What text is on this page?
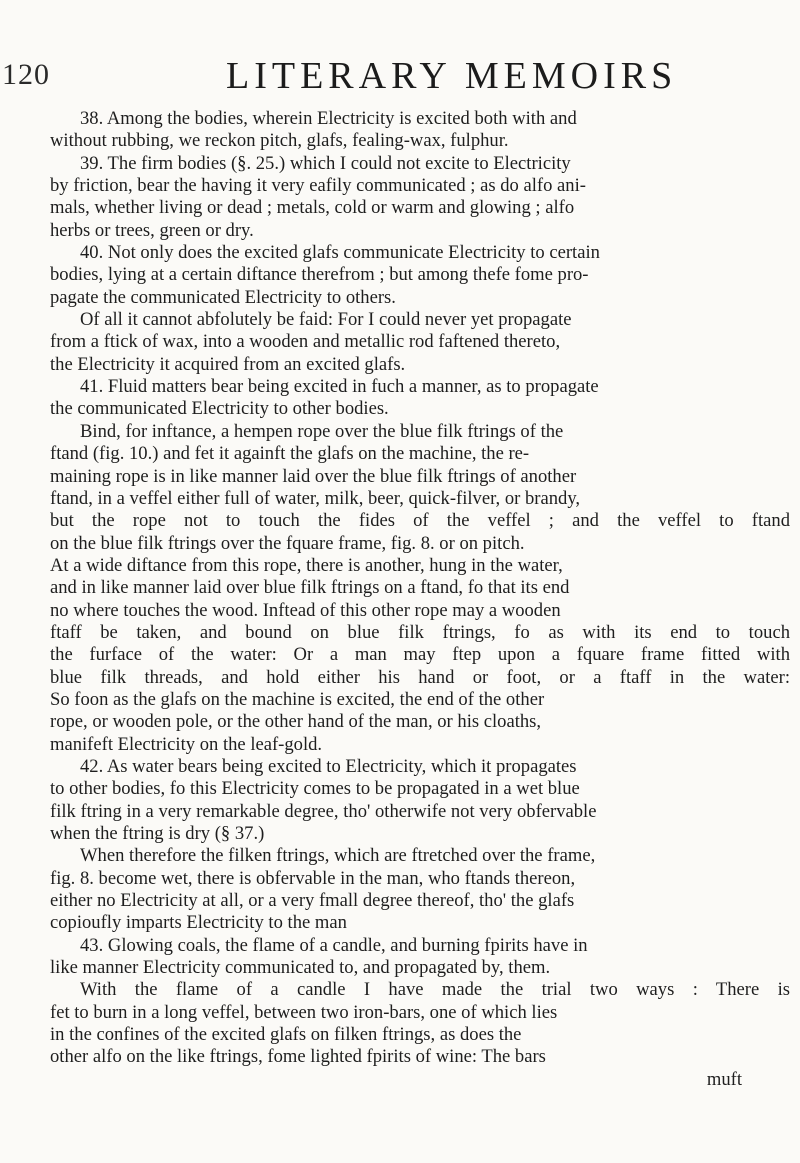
120	LITERARY MEMOIRS
38. Among the bodies, wherein Electricity is excited both with and
without rubbing, we reckon pitch, glafs, fealing-wax, fulphur.
39. The firm bodies (§. 25.) which I could not excite to Electricity
by friction, bear the having it very eafily communicated ; as do alfo ani-
mals, whether living or dead ; metals, cold or warm and glowing ; alfo
herbs or trees, green or dry.
40. Not only does the excited glafs communicate Electricity to certain
bodies, lying at a certain diftance therefrom ; but among thefe fome pro-
pagate the communicated Electricity to others.
Of all it cannot abfolutely be faid: For I could never yet propagate
from a ftick of wax, into a wooden and metallic rod faftened thereto,
the Electricity it acquired from an excited glafs.
41. Fluid matters bear being excited in fuch a manner, as to propagate
the communicated Electricity to other bodies.
Bind, for inftance, a hempen rope over the blue filk ftrings of the
ftand (fig. 10.) and fet it againft the glafs on the machine, the re-
maining rope is in like manner laid over the blue filk ftrings of another
ftand, in a veffel either full of water, milk, beer, quick-filver, or brandy,
but the rope not to touch the fides of the veffel ; and the veffel to ftand
on the blue filk ftrings over the fquare frame, fig. 8. or on pitch.
At a wide diftance from this rope, there is another, hung in the water,
and in like manner laid over blue filk ftrings on a ftand, fo that its end
no where touches the wood. Inftead of this other rope may a wooden
ftaff be taken, and bound on blue filk ftrings, fo as with its end to touch
the furface of the water: Or a man may ftep upon a fquare frame fitted with
blue filk threads, and hold either his hand or foot, or a ftaff in the water:
So foon as the glafs on the machine is excited, the end of the other
rope, or wooden pole, or the other hand of the man, or his cloaths,
manifeft Electricity on the leaf-gold.
42. As water bears being excited to Electricity, which it propagates
to other bodies, fo this Electricity comes to be propagated in a wet blue
filk ftring in a very remarkable degree, tho' otherwife not very obfervable
when the ftring is dry (§ 37.)
When therefore the filken ftrings, which are ftretched over the frame,
fig. 8. become wet, there is obfervable in the man, who ftands thereon,
either no Electricity at all, or a very fmall degree thereof, tho' the glafs
copioufly imparts Electricity to the man
43. Glowing coals, the flame of a candle, and burning fpirits have in
like manner Electricity communicated to, and propagated by, them.
With the flame of a candle I have made the trial two ways : There is
fet to burn in a long veffel, between two iron-bars, one of which lies
in the confines of the excited glafs on filken ftrings, as does the
other alfo on the like ftrings, fome lighted fpirits of wine: The bars
muft
